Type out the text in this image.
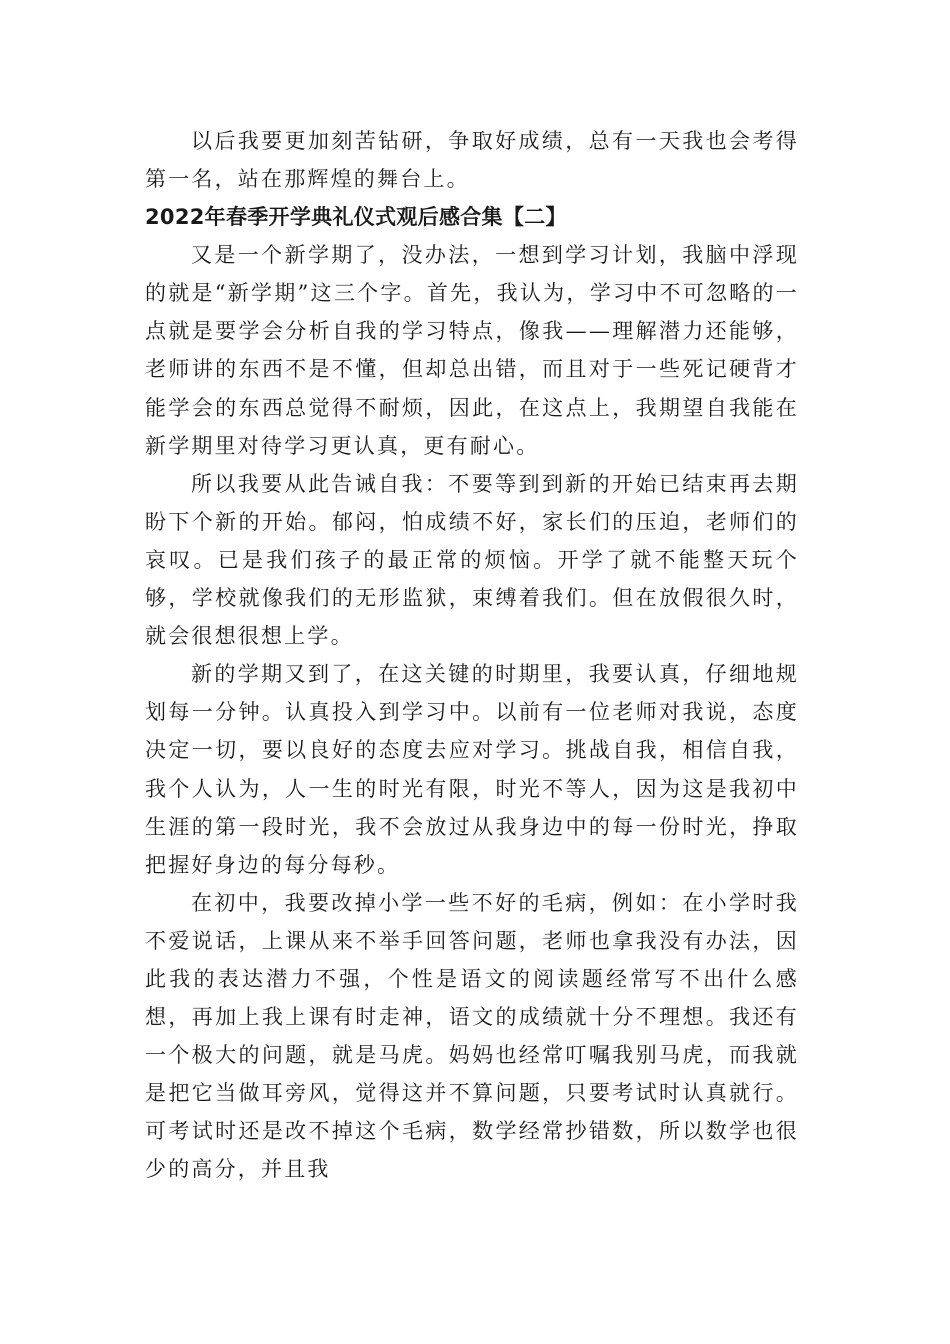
以后我要更加刻苦钻研，争取好成绩，总有一天我也会考得第一名，站在那辉煌的舞台上。

2022年春季开学典礼仪式观后感合集【二】

又是一个新学期了，没办法，一想到学习计划，我脑中浮现的就是“新学期”这三个字。首先，我认为，学习中不可忽略的一点就是要学会分析自我的学习特点，像我——理解潜力还能够，老师讲的东西不是不懂，但却总出错，而且对于一些死记硬背才能学会的东西总觉得不耐烦，因此，在这点上，我期望自我能在新学期里对待学习更认真，更有耐心。

所以我要从此告诫自我：不要等到到新的开始已结束再去期盼下个新的开始。郁闷，怕成绩不好，家长们的压迫，老师们的哀叹。已是我们孩子的最正常的烦恼。开学了就不能整天玩个够，学校就像我们的无形监狱，束缚着我们。但在放假很久时，就会很想很想上学。

新的学期又到了，在这关键的时期里，我要认真，仔细地规划每一分钟。认真投入到学习中。以前有一位老师对我说，态度决定一切，要以良好的态度去应对学习。挑战自我，相信自我，我个人认为，人一生的时光有限，时光不等人，因为这是我初中生涯的第一段时光，我不会放过从我身边中的每一份时光，挣取把握好身边的每分每秒。

在初中，我要改掉小学一些不好的毛病，例如：在小学时我不爱说话，上课从来不举手回答问题，老师也拿我没有办法，因此我的表达潜力不强，个性是语文的阅读题经常写不出什么感想，再加上我上课有时走神，语文的成绩就十分不理想。我还有一个极大的问题，就是马虎。妈妈也经常叮嘱我别马虎，而我就是把它当做耳旁风，觉得这并不算问题，只要考试时认真就行。可考试时还是改不掉这个毛病，数学经常抄错数，所以数学也很少的高分，并且我
